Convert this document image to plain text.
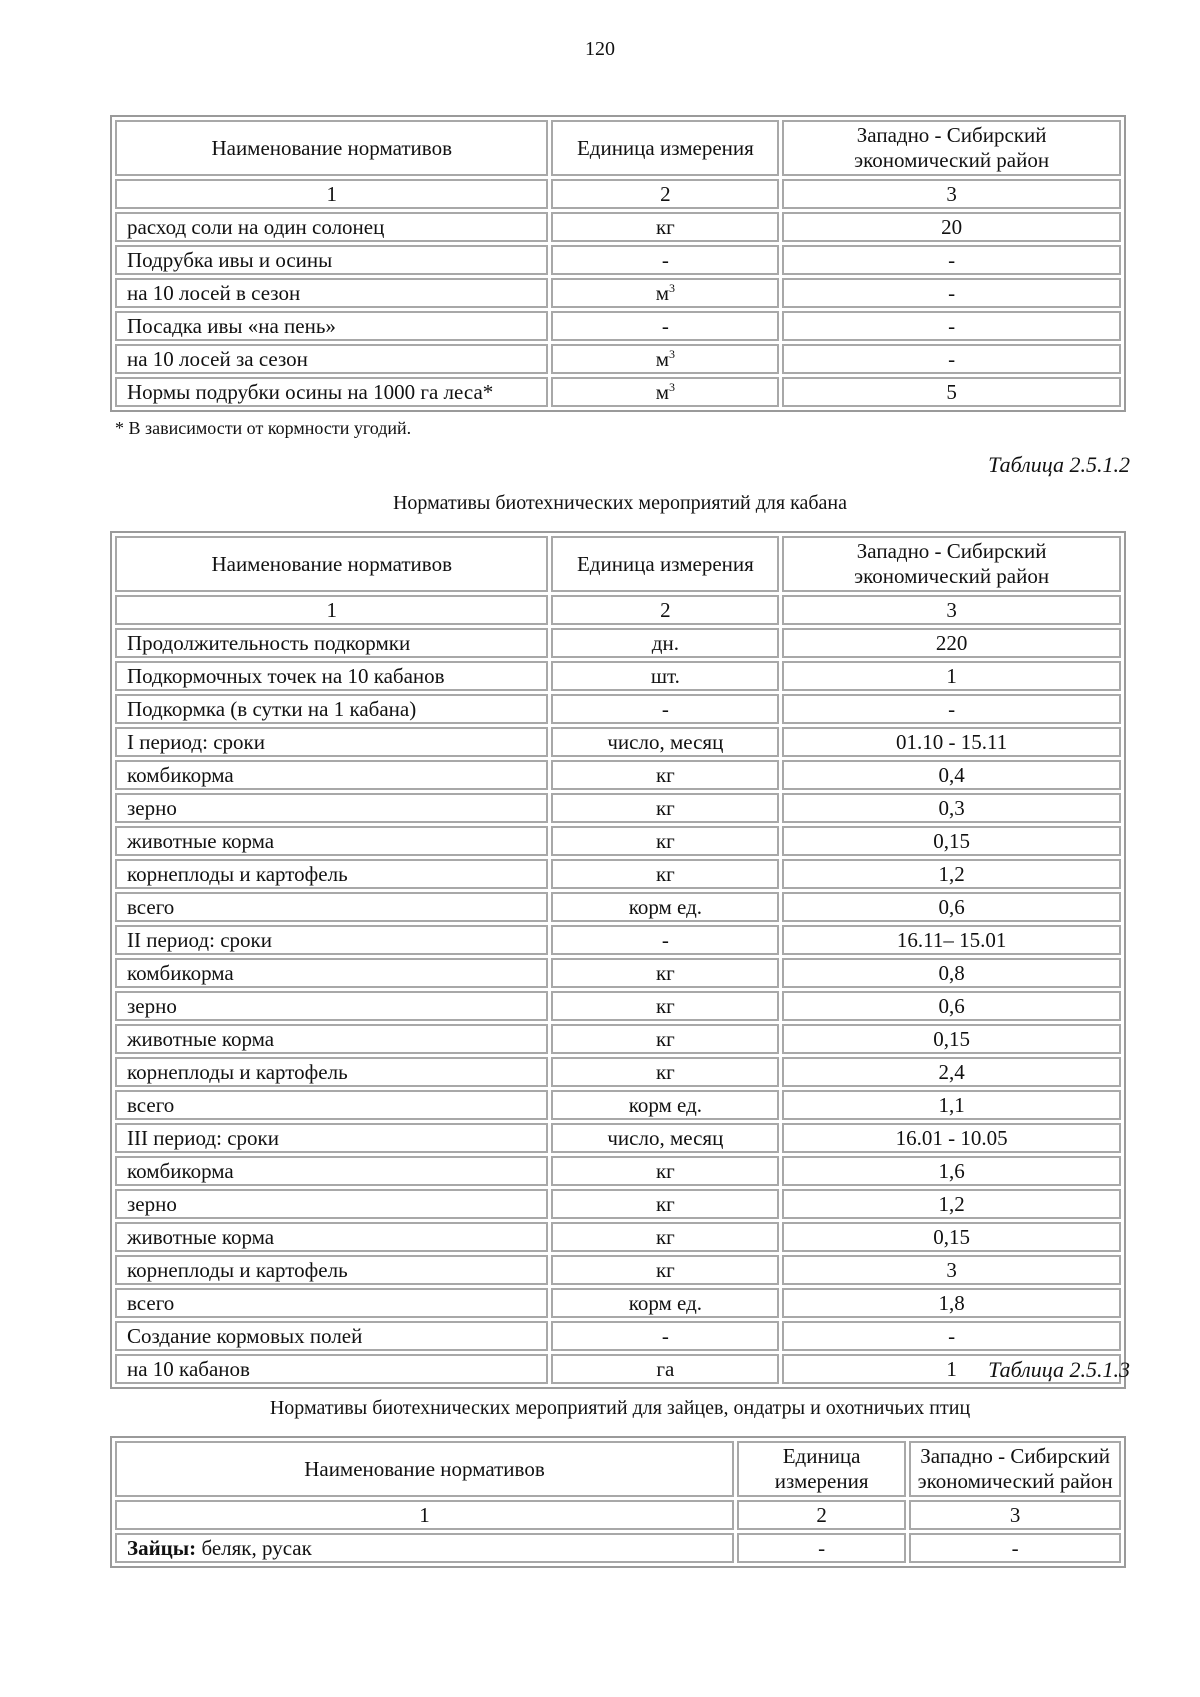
120
Наименование нормативов	Единица измерения	Западно - Сибирский экономический район
1	2	3
расход соли на один солонец	кг	20
Подрубка ивы и осины	-	-
на 10 лосей в сезон	$м^3$	-
Посадка ивы «на пень»	-	-
на 10 лосей за сезон	$м^3$	-
Нормы подрубки осины на 1000 га леса*	$м^3$	5
* В зависимости от кормности угодий.
Таблица 2.5.1.2
Нормативы биотехнических мероприятий для кабана
Наименование нормативов	Единица измерения	Западно - Сибирский экономический район
1	2	3
Продолжительность подкормки	дн.	220
Подкормочных точек на 10 кабанов	шт.	1
Подкормка (в сутки на 1 кабана)	-	-
I период: сроки	число, месяц	01.10 - 15.11
комбикорма	кг	0,4
зерно	кг	0,3
животные корма	кг	0,15
корнеплоды и картофель	кг	1,2
всего	корм ед.	0,6
II период: сроки	-	16.11– 15.01
комбикорма	кг	0,8
зерно	кг	0,6
животные корма	кг	0,15
корнеплоды и картофель	кг	2,4
всего	корм ед.	1,1
III период: сроки	число, месяц	16.01 - 10.05
комбикорма	кг	1,6
зерно	кг	1,2
животные корма	кг	0,15
корнеплоды и картофель	кг	3
всего	корм ед.	1,8
Создание кормовых полей	-	-
на 10 кабанов	га	1 Таблица 2.5.1.3
Нормативы биотехнических мероприятий для зайцев, ондатры и охотничьих птиц
Наименование нормативов	Единица измерения	Западно - Сибирский экономический район
1	2	3
Зайцы: беляк, русак	-	-
